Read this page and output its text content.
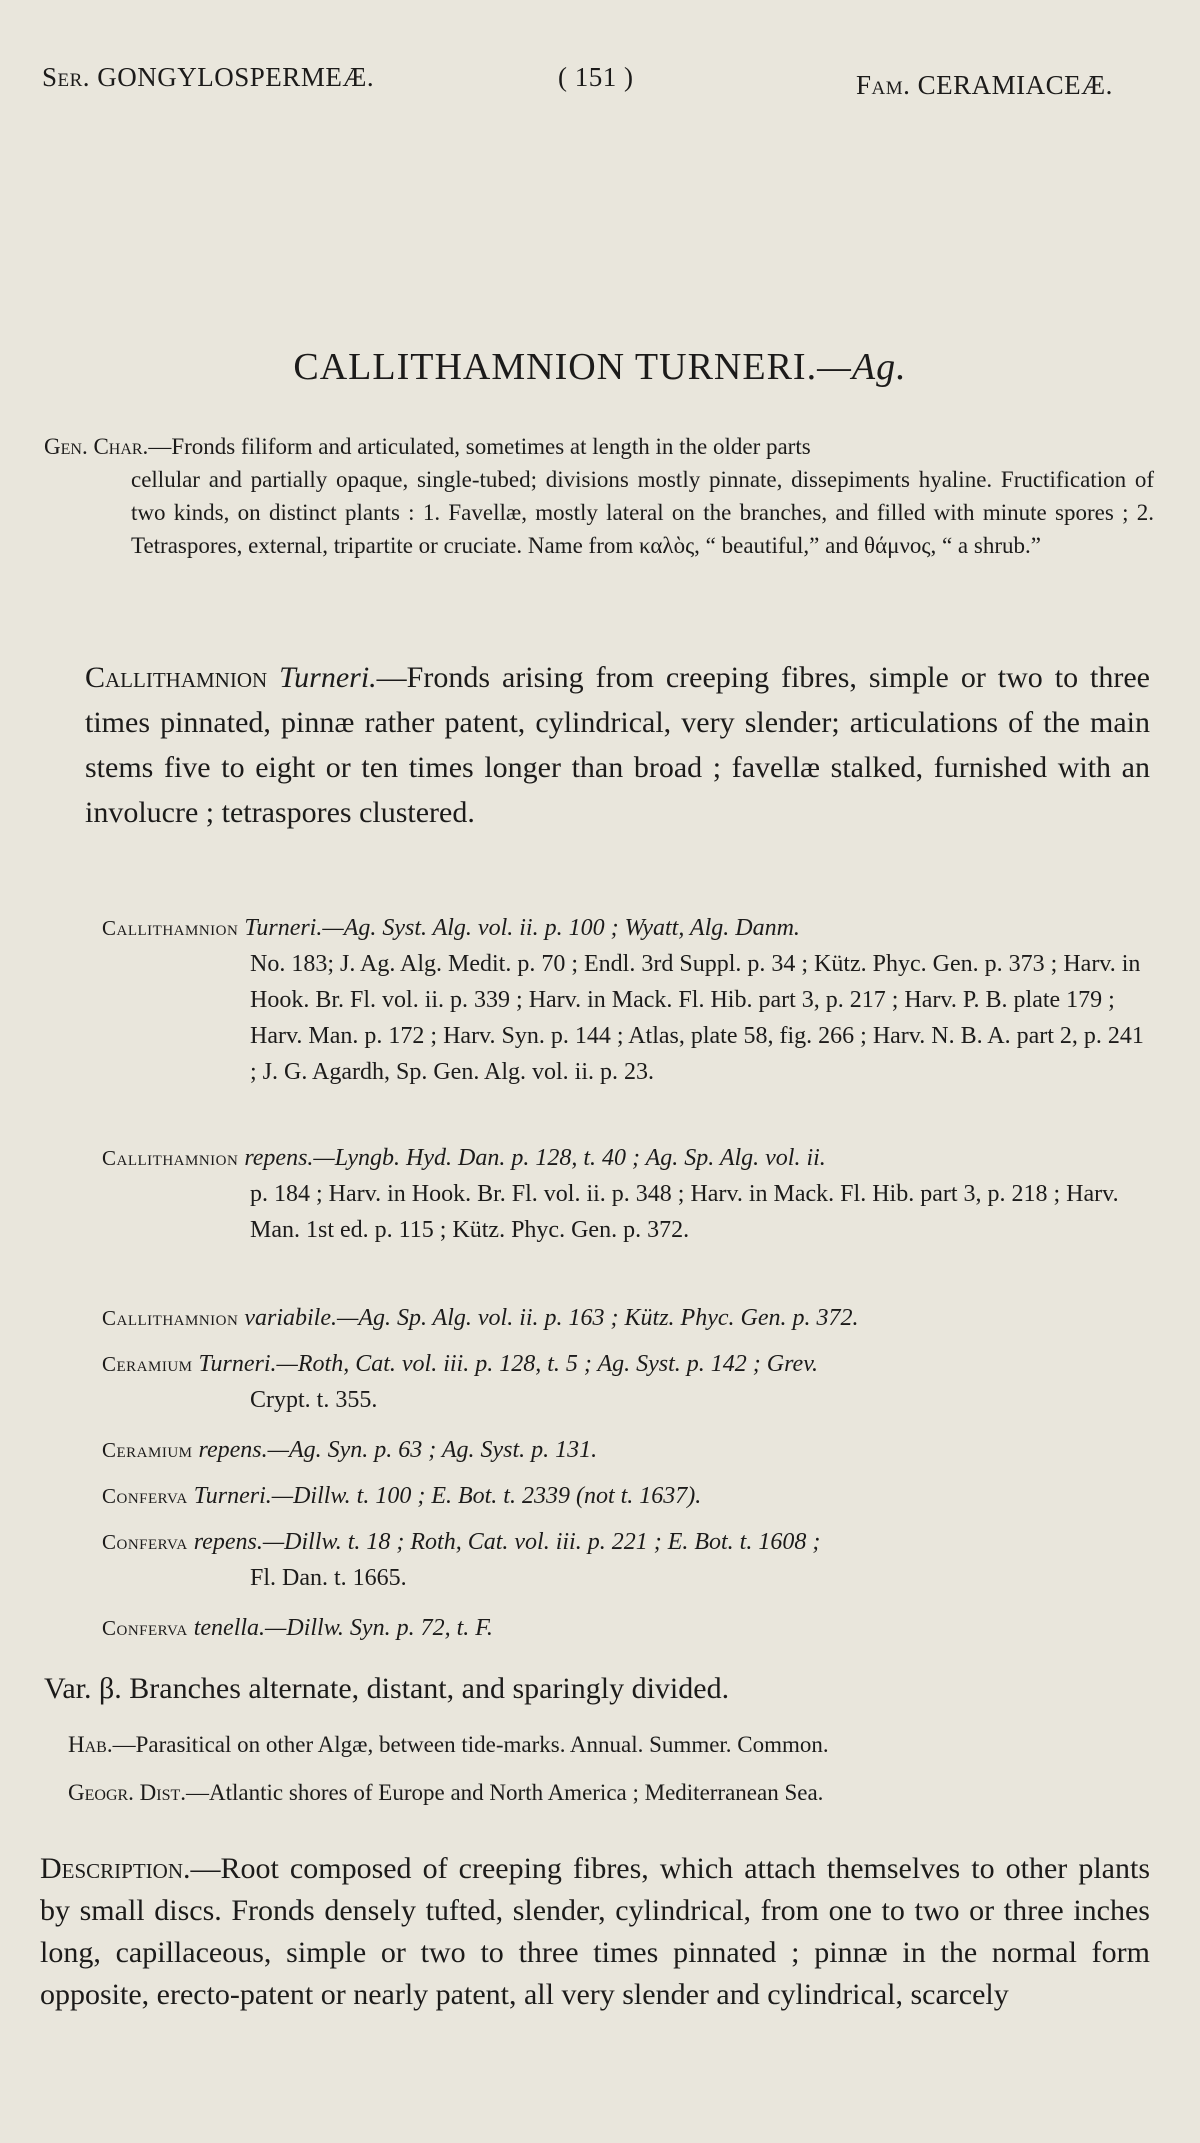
Ser. GONGYLOSPERMEÆ.	( 151 )	Fam. CERAMIACEÆ.
CALLITHAMNION TURNERI.—Ag.
Gen. Char.—Fronds filiform and articulated, sometimes at length in the older parts
cellular and partially opaque, single-tubed; divisions mostly pinnate, dissepiments hyaline. Fructification of two kinds, on distinct plants : 1. Favellæ, mostly lateral on the branches, and filled with minute spores ; 2. Tetraspores, external, tripartite or cruciate. Name from καλὸς, “ beautiful,” and θάμνος, “ a shrub.”
Callithamnion Turneri.—Fronds arising from creeping fibres, simple or two to three times pinnated, pinnæ rather patent, cylindrical, very slender; articulations of the main stems five to eight or ten times longer than broad ; favellæ stalked, furnished with an involucre ; tetraspores clustered.
Callithamnion Turneri.—Ag. Syst. Alg. vol. ii. p. 100 ; Wyatt, Alg. Danm.
No. 183; J. Ag. Alg. Medit. p. 70 ; Endl. 3rd Suppl. p. 34 ; Kütz. Phyc. Gen. p. 373 ; Harv. in Hook. Br. Fl. vol. ii. p. 339 ; Harv. in Mack. Fl. Hib. part 3, p. 217 ; Harv. P. B. plate 179 ; Harv. Man. p. 172 ; Harv. Syn. p. 144 ; Atlas, plate 58, fig. 266 ; Harv. N. B. A. part 2, p. 241 ; J. G. Agardh, Sp. Gen. Alg. vol. ii. p. 23.
Callithamnion repens.—Lyngb. Hyd. Dan. p. 128, t. 40 ; Ag. Sp. Alg. vol. ii.
p. 184 ; Harv. in Hook. Br. Fl. vol. ii. p. 348 ; Harv. in Mack. Fl. Hib. part 3, p. 218 ; Harv. Man. 1st ed. p. 115 ; Kütz. Phyc. Gen. p. 372.
Callithamnion variabile.—Ag. Sp. Alg. vol. ii. p. 163 ; Kütz. Phyc. Gen. p. 372.
Ceramium Turneri.—Roth, Cat. vol. iii. p. 128, t. 5 ; Ag. Syst. p. 142 ; Grev.
Crypt. t. 355.
Ceramium repens.—Ag. Syn. p. 63 ; Ag. Syst. p. 131.
Conferva Turneri.—Dillw. t. 100 ; E. Bot. t. 2339 (not t. 1637).
Conferva repens.—Dillw. t. 18 ; Roth, Cat. vol. iii. p. 221 ; E. Bot. t. 1608 ;
Fl. Dan. t. 1665.
Conferva tenella.—Dillw. Syn. p. 72, t. F.
Var. β. Branches alternate, distant, and sparingly divided.
Hab.—Parasitical on other Algæ, between tide-marks. Annual. Summer. Common.
Geogr. Dist.—Atlantic shores of Europe and North America ; Mediterranean Sea.
Description.—Root composed of creeping fibres, which attach themselves to other plants by small discs. Fronds densely tufted, slender, cylindrical, from one to two or three inches long, capillaceous, simple or two to three times pinnated ; pinnæ in the normal form opposite, erecto-patent or nearly patent, all very slender and cylindrical, scarcely
